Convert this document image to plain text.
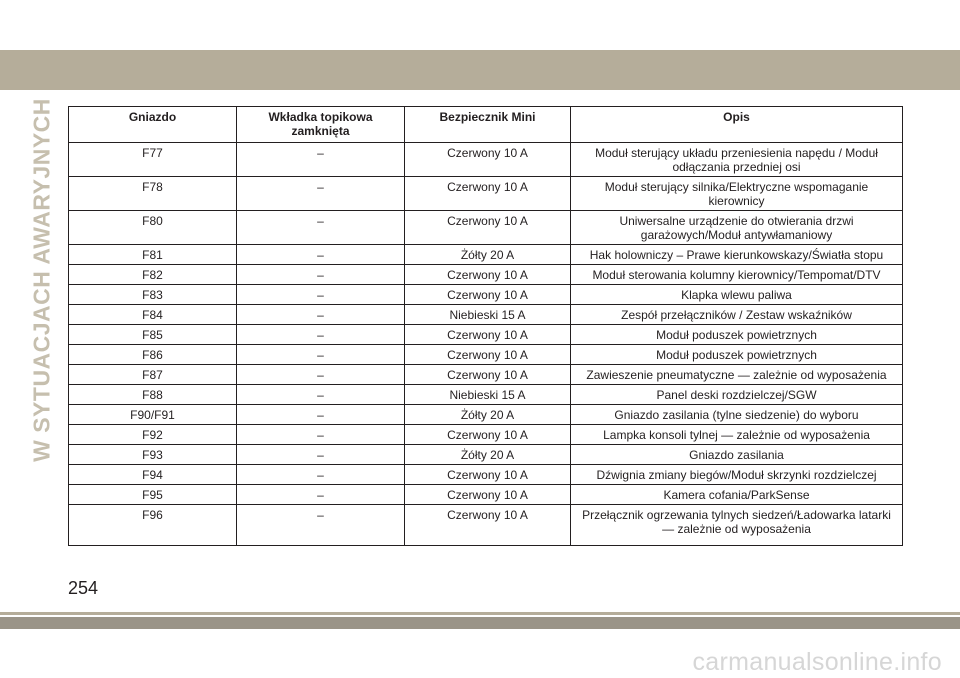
W SYTUACJACH AWARYJNYCH	Gniazdo	Wkładka topikowa zamknięta	Bezpiecznik Mini	Opis
F77	–	Czerwony 10 A	Moduł sterujący układu przeniesienia napędu / Moduł odłączania przedniej osi
F78	–	Czerwony 10 A	Moduł sterujący silnika/Elektryczne wspomaganie kierownicy
F80	–	Czerwony 10 A	Uniwersalne urządzenie do otwierania drzwi garażowych/Moduł antywłamaniowy
F81	–	Żółty 20 A	Hak holowniczy – Prawe kierunkowskazy/Światła stopu
F82	–	Czerwony 10 A	Moduł sterowania kolumny kierownicy/Tempomat/DTV
F83	–	Czerwony 10 A	Klapka wlewu paliwa
F84	–	Niebieski 15 A	Zespół przełączników / Zestaw wskaźników
F85	–	Czerwony 10 A	Moduł poduszek powietrznych
F86	–	Czerwony 10 A	Moduł poduszek powietrznych
F87	–	Czerwony 10 A	Zawieszenie pneumatyczne — zależnie od wyposażenia
F88	–	Niebieski 15 A	Panel deski rozdzielczej/SGW
F90/F91	–	Żółty 20 A	Gniazdo zasilania (tylne siedzenie) do wyboru
F92	–	Czerwony 10 A	Lampka konsoli tylnej — zależnie od wyposażenia
F93	–	Żółty 20 A	Gniazdo zasilania
F94	–	Czerwony 10 A	Dźwignia zmiany biegów/Moduł skrzynki rozdzielczej
F95	–	Czerwony 10 A	Kamera cofania/ParkSense
F96	–	Czerwony 10 A	Przełącznik ogrzewania tylnych siedzeń/Ładowarka latarki — zależnie od wyposażenia
254
carmanualsonline.info
